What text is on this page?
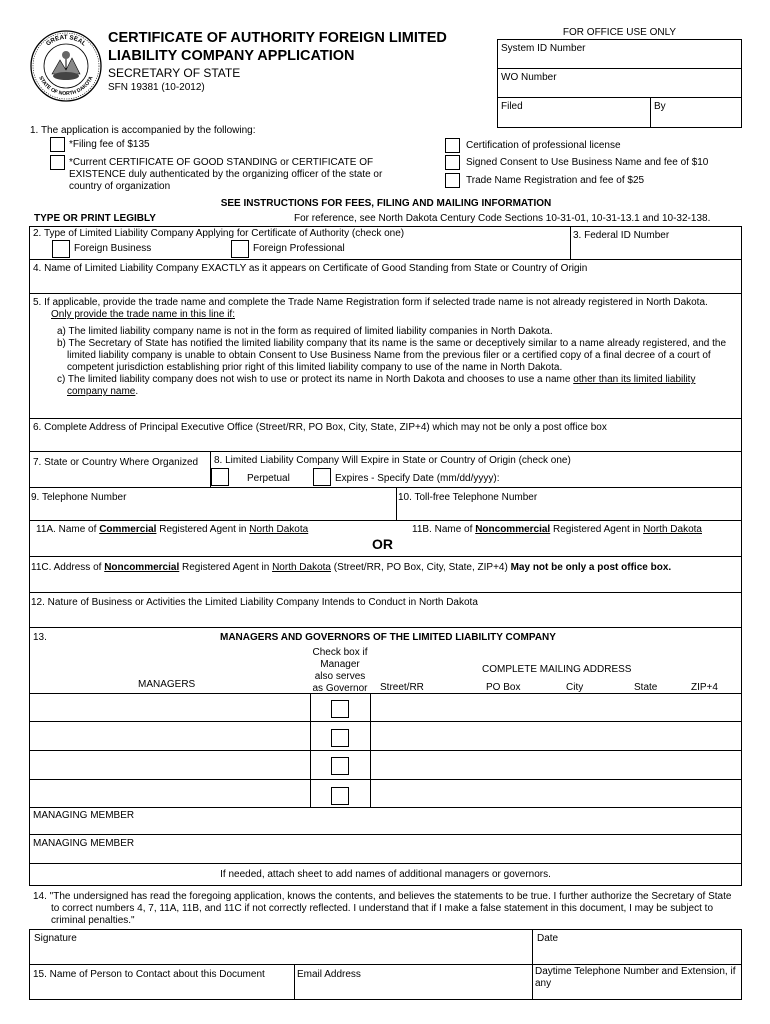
GREAT SEAL
STATE OF NORTH DAKOTA
CERTIFICATE OF AUTHORITY FOREIGN LIMITED
LIABILITY COMPANY APPLICATION
SECRETARY OF STATE
SFN 19381 (10-2012)
FOR OFFICE USE ONLY
System ID Number
WO Number
Filed	By
1. The application is accompanied by the following:
*Filing fee of $135
*Current CERTIFICATE OF GOOD STANDING or CERTIFICATE OF
EXISTENCE duly authenticated by the organizing officer of the state or
country of organization
Certification of professional license
Signed Consent to Use Business Name and fee of $10
Trade Name Registration and fee of $25
SEE INSTRUCTIONS FOR FEES, FILING AND MAILING INFORMATION
TYPE OR PRINT LEGIBLY	For reference, see North Dakota Century Code Sections 10-31-01, 10-31-13.1 and 10-32-138.
2. Type of Limited Liability Company Applying for Certificate of Authority (check one)
Foreign Business	Foreign Professional
3. Federal ID Number
4. Name of Limited Liability Company EXACTLY as it appears on Certificate of Good Standing from State or Country of Origin
5. If applicable, provide the trade name and complete the Trade Name Registration form if selected trade name is not already registered in North Dakota.
Only provide the trade name in this line if:
a) The limited liability company name is not in the form as required of limited liability companies in North Dakota.
b) The Secretary of State has notified the limited liability company that its name is the same or deceptively similar to a name already registered, and the
limited liability company is unable to obtain Consent to Use Business Name from the previous filer or a certified copy of a final decree of a court of
competent jurisdiction establishing prior right of this limited liability company to use of the name in North Dakota.
c) The limited liability company does not wish to use or protect its name in North Dakota and chooses to use a name other than its limited liability
company name.
6. Complete Address of Principal Executive Office (Street/RR, PO Box, City, State, ZIP+4) which may not be only a post office box
7. State or Country Where Organized 8. Limited Liability Company Will Expire in State or Country of Origin (check one)
Perpetual	Expires - Specify Date (mm/dd/yyyy):
9. Telephone Number	10. Toll-free Telephone Number
11A. Name of Commercial Registered Agent in North Dakota	11B. Name of Noncommercial Registered Agent in North Dakota
OR
11C. Address of Noncommercial Registered Agent in North Dakota (Street/RR, PO Box, City, State, ZIP+4) May not be only a post office box.
12. Nature of Business or Activities the Limited Liability Company Intends to Conduct in North Dakota
13.	MANAGERS AND GOVERNORS OF THE LIMITED LIABILITY COMPANY
Check box if
Manager
also serves
as Governor
MANAGERS
COMPLETE MAILING ADDRESS
Street/RR	PO Box	City	State	ZIP+4
MANAGING MEMBER
MANAGING MEMBER
If needed, attach sheet to add names of additional managers or governors.
14. "The undersigned has read the foregoing application, knows the contents, and believes the statements to be true. I further authorize the Secretary of State
to correct numbers 4, 7, 11A, 11B, and 11C if not correctly reflected. I understand that if I make a false statement in this document, I may be subject to
criminal penalties."
Signature	Date
15. Name of Person to Contact about this Document	Email Address	Daytime Telephone Number and Extension, if
any
